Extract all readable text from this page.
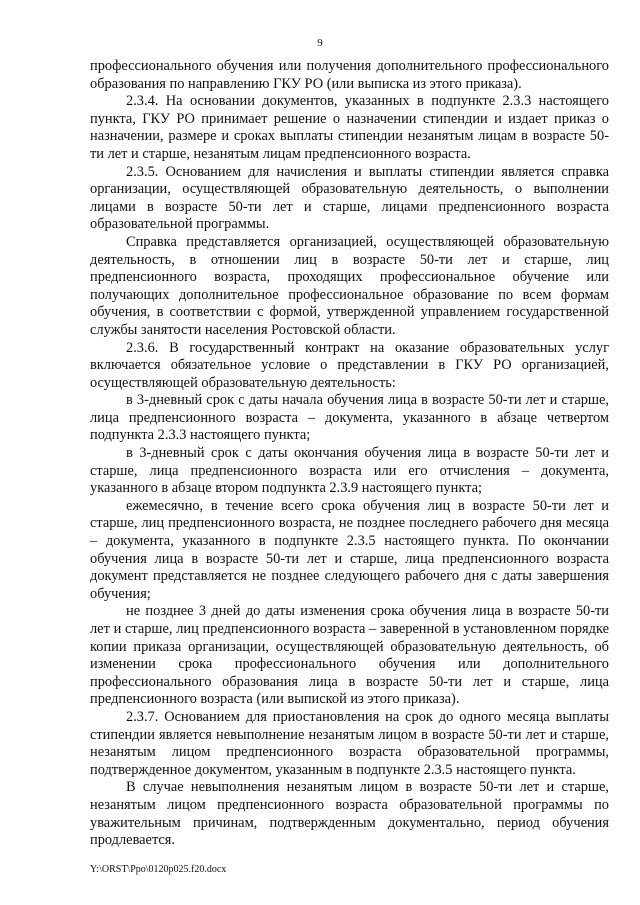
9

профессионального обучения или получения дополнительного профессионального образования по направлению ГКУ РО (или выписка из этого приказа).

2.3.4. На основании документов, указанных в подпункте 2.3.3 настоящего пункта, ГКУ РО принимает решение о назначении стипендии и издает приказ о назначении, размере и сроках выплаты стипендии незанятым лицам в возрасте 50-ти лет и старше, незанятым лицам предпенсионного возраста.

2.3.5. Основанием для начисления и выплаты стипендии является справка организации, осуществляющей образовательную деятельность, о выполнении лицами в возрасте 50-ти лет и старше, лицами предпенсионного возраста образовательной программы.

Справка представляется организацией, осуществляющей образовательную деятельность, в отношении лиц в возрасте 50-ти лет и старше, лиц предпенсионного возраста, проходящих профессиональное обучение или получающих дополнительное профессиональное образование по всем формам обучения, в соответствии с формой, утвержденной управлением государственной службы занятости населения Ростовской области.

2.3.6. В государственный контракт на оказание образовательных услуг включается обязательное условие о представлении в ГКУ РО организацией, осуществляющей образовательную деятельность:

в 3-дневный срок с даты начала обучения лица в возрасте 50-ти лет и старше, лица предпенсионного возраста – документа, указанного в абзаце четвертом подпункта 2.3.3 настоящего пункта;

в 3-дневный срок с даты окончания обучения лица в возрасте 50-ти лет и старше, лица предпенсионного возраста или его отчисления – документа, указанного в абзаце втором подпункта 2.3.9 настоящего пункта;

ежемесячно, в течение всего срока обучения лиц в возрасте 50-ти лет и старше, лиц предпенсионного возраста, не позднее последнего рабочего дня месяца – документа, указанного в подпункте 2.3.5 настоящего пункта. По окончании обучения лица в возрасте 50-ти лет и старше, лица предпенсионного возраста документ представляется не позднее следующего рабочего дня с даты завершения обучения;

не позднее 3 дней до даты изменения срока обучения лица в возрасте 50-ти лет и старше, лиц предпенсионного возраста – заверенной в установленном порядке копии приказа организации, осуществляющей образовательную деятельность, об изменении срока профессионального обучения или дополнительного профессионального образования лица в возрасте 50-ти лет и старше, лица предпенсионного возраста (или выпиской из этого приказа).

2.3.7. Основанием для приостановления на срок до одного месяца выплаты стипендии является невыполнение незанятым лицом в возрасте 50-ти лет и старше, незанятым лицом предпенсионного возраста образовательной программы, подтвержденное документом, указанным в подпункте 2.3.5 настоящего пункта.

В случае невыполнения незанятым лицом в возрасте 50-ти лет и старше, незанятым лицом предпенсионного возраста образовательной программы по уважительным причинам, подтвержденным документально, период обучения продлевается.

Y:\ORST\Ppo\0120p025.f20.docx
